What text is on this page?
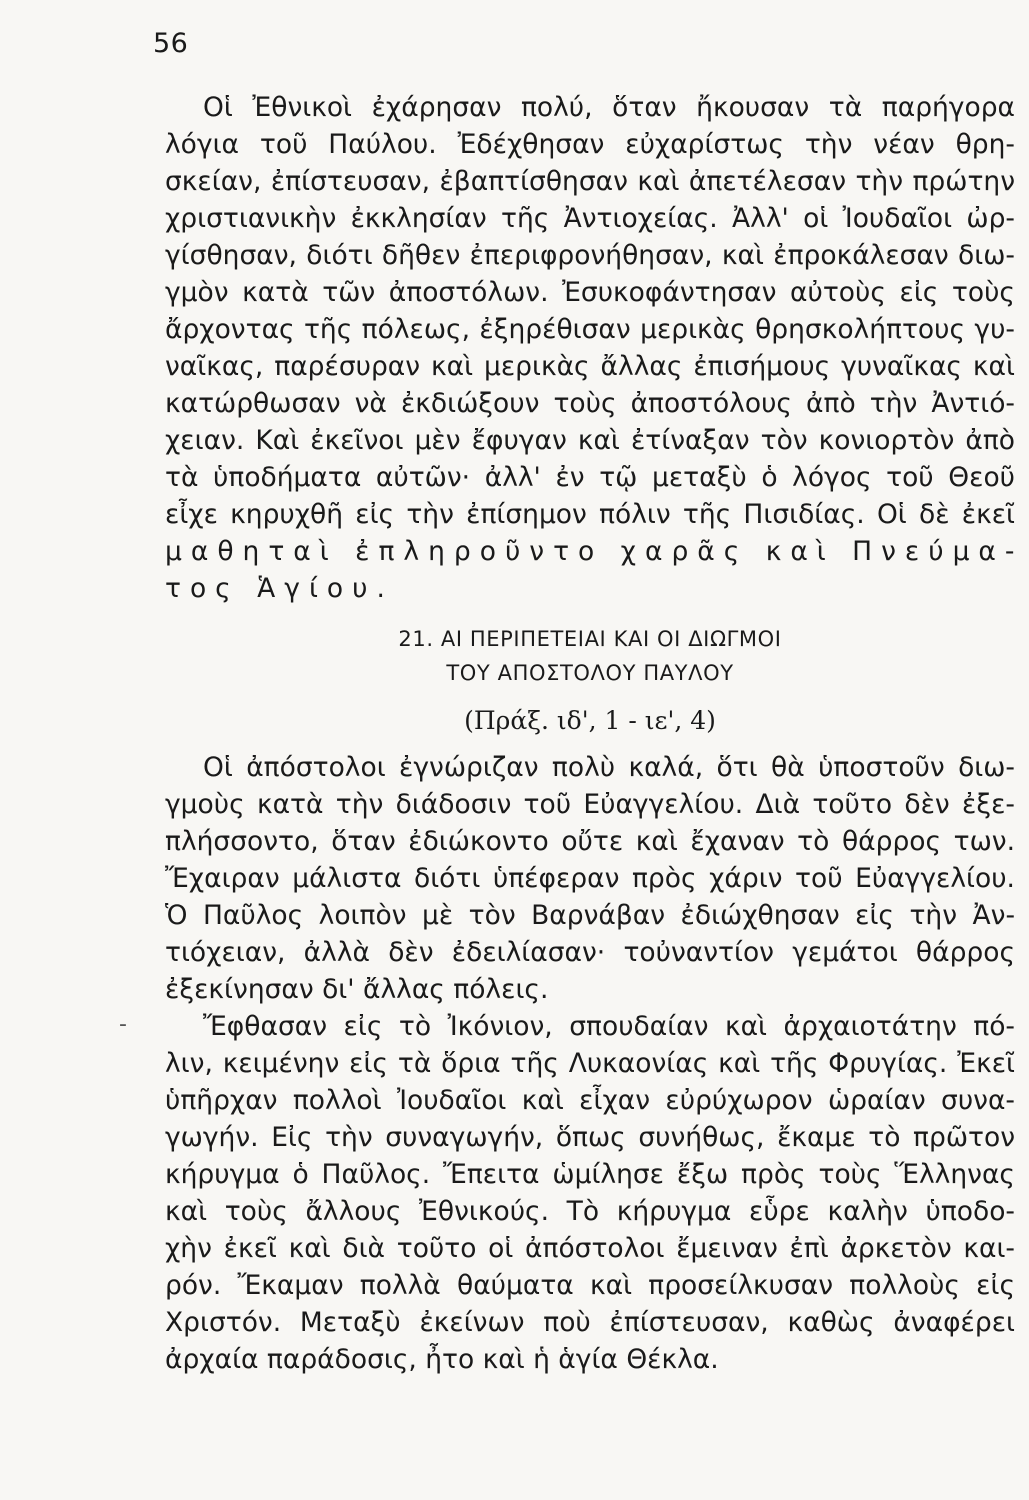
56
Οἱ Ἐθνικοὶ ἐχάρησαν πολύ, ὅταν ἤκουσαν τὰ παρήγορα
λόγια τοῦ Παύλου. Ἐδέχθησαν εὐχαρίστως τὴν νέαν θρη-
σκείαν, ἐπίστευσαν, ἐβαπτίσθησαν καὶ ἀπετέλεσαν τὴν πρώτην
χριστιανικὴν ἐκκλησίαν τῆς Ἀντιοχείας. Ἀλλ' οἱ Ἰουδαῖοι ὠρ-
γίσθησαν, διότι δῆθεν ἐπεριφρονήθησαν, καὶ ἐπροκάλεσαν διω-
γμὸν κατὰ τῶν ἀποστόλων. Ἐσυκοφάντησαν αὐτοὺς εἰς τοὺς
ἄρχοντας τῆς πόλεως, ἐξηρέθισαν μερικὰς θρησκολήπτους γυ-
ναῖκας, παρέσυραν καὶ μερικὰς ἄλλας ἐπισήμους γυναῖκας καὶ
κατώρθωσαν νὰ ἐκδιώξουν τοὺς ἀποστόλους ἀπὸ τὴν Ἀντιό-
χειαν. Καὶ ἐκεῖνοι μὲν ἔφυγαν καὶ ἐτίναξαν τὸν κονιορτὸν ἀπὸ
τὰ ὑποδήματα αὐτῶν· ἀλλ' ἐν τῷ μεταξὺ ὁ λόγος τοῦ Θεοῦ
εἶχε κηρυχθῆ εἰς τὴν ἐπίσημον πόλιν τῆς Πισιδίας. Οἱ δὲ ἐκεῖ
μαθηταὶ ἐπληροῦντο χαρᾶς καὶ Πνεύμα-
τος Ἁγίου.
21. ΑΙ ΠΕΡΙΠΕΤΕΙΑΙ ΚΑΙ ΟΙ ΔΙΩΓΜΟΙ
ΤΟΥ ΑΠΟΣΤΟΛΟΥ ΠΑΥΛΟΥ
(Πράξ. ιδ', 1 - ιε', 4)
Οἱ ἀπόστολοι ἐγνώριζαν πολὺ καλά, ὅτι θὰ ὑποστοῦν διω-
γμοὺς κατὰ τὴν διάδοσιν τοῦ Εὐαγγελίου. Διὰ τοῦτο δὲν ἐξε-
πλήσσοντο, ὅταν ἐδιώκοντο οὔτε καὶ ἔχαναν τὸ θάρρος των.
Ἔχαιραν μάλιστα διότι ὑπέφεραν πρὸς χάριν τοῦ Εὐαγγελίου.
Ὁ Παῦλος λοιπὸν μὲ τὸν Βαρνάβαν ἐδιώχθησαν εἰς τὴν Ἀν-
τιόχειαν, ἀλλὰ δὲν ἐδειλίασαν· τοὐναντίον γεμάτοι θάρρος
ἐξεκίνησαν δι' ἄλλας πόλεις.
-	Ἔφθασαν εἰς τὸ Ἰκόνιον, σπουδαίαν καὶ ἀρχαιοτάτην πό-
λιν, κειμένην εἰς τὰ ὅρια τῆς Λυκαονίας καὶ τῆς Φρυγίας. Ἐκεῖ
ὑπῆρχαν πολλοὶ Ἰουδαῖοι καὶ εἶχαν εὐρύχωρον ὡραίαν συνα-
γωγήν. Εἰς τὴν συναγωγήν, ὅπως συνήθως, ἔκαμε τὸ πρῶτον
κήρυγμα ὁ Παῦλος. Ἔπειτα ὡμίλησε ἔξω πρὸς τοὺς Ἕλληνας
καὶ τοὺς ἄλλους Ἐθνικούς. Τὸ κήρυγμα εὗρε καλὴν ὑποδο-
χὴν ἐκεῖ καὶ διὰ τοῦτο οἱ ἀπόστολοι ἔμειναν ἐπὶ ἀρκετὸν και-
ρόν. Ἔκαμαν πολλὰ θαύματα καὶ προσείλκυσαν πολλοὺς εἰς
Χριστόν. Μεταξὺ ἐκείνων ποὺ ἐπίστευσαν, καθὼς ἀναφέρει
ἀρχαία παράδοσις, ἦτο καὶ ἡ ἁγία Θέκλα.
